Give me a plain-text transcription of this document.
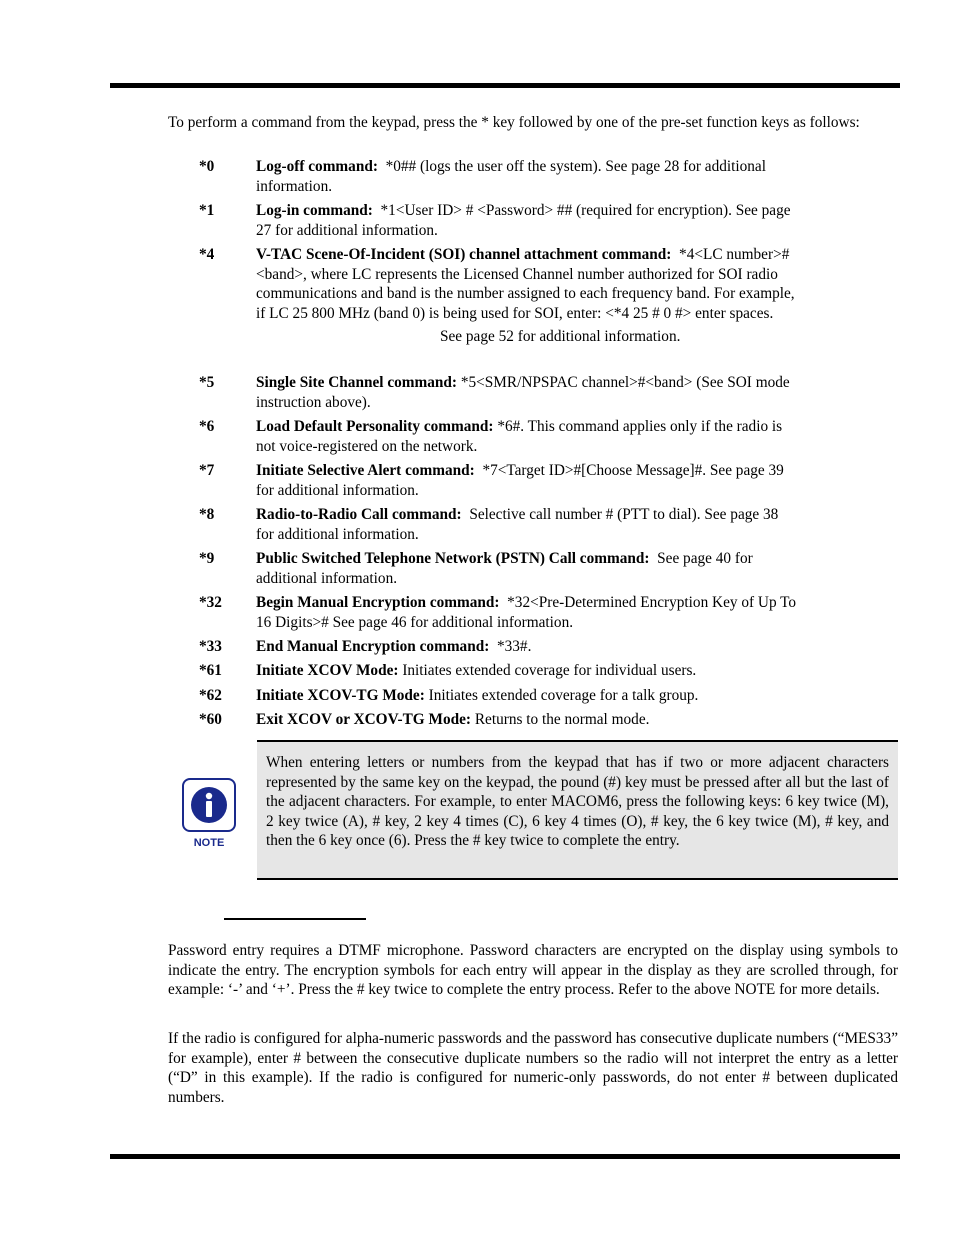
To perform a command from the keypad, press the * key followed by one of the pre-set function keys as follows:

*0	Log-off command: *0## (logs the user off the system). See page 28 for additional information.
*1	Log-in command: *1<User ID> # <Password> ## (required for encryption). See page 27 for additional information.
*4	V-TAC Scene-Of-Incident (SOI) channel attachment command: *4<LC number>#<band>, where LC represents the Licensed Channel number authorized for SOI radio communications and band is the number assigned to each frequency band. For example, if LC 25 800 MHz (band 0) is being used for SOI, enter: <*4 25 # 0 #> enter spaces.
See page 52 for additional information.
*5	Single Site Channel command: *5<SMR/NPSPAC channel>#<band> (See SOI mode instruction above).
*6	Load Default Personality command: *6#. This command applies only if the radio is not voice-registered on the network.
*7	Initiate Selective Alert command: *7<Target ID>#[Choose Message]#. See page 39 for additional information.
*8	Radio-to-Radio Call command: Selective call number # (PTT to dial). See page 38 for additional information.
*9	Public Switched Telephone Network (PSTN) Call command: See page 40 for additional information.
*32 Begin Manual Encryption command: *32<Pre-Determined Encryption Key of Up To 16 Digits># See page 46 for additional information.
*33 End Manual Encryption command: *33#.
*61 Initiate XCOV Mode: Initiates extended coverage for individual users.
*62 Initiate XCOV-TG Mode: Initiates extended coverage for a talk group.
*60 Exit XCOV or XCOV-TG Mode: Returns to the normal mode.
NOTE

When entering letters or numbers from the keypad that has if two or more adjacent characters represented by the same key on the keypad, the pound (#) key must be pressed after all but the last of the adjacent characters. For example, to enter MACOM6, press the following keys: 6 key twice (M), 2 key twice (A), # key, 2 key 4 times (C), 6 key 4 times (O), # key, the 6 key twice (M), # key, and then the 6 key once (6). Press the # key twice to complete the entry.

Password entry requires a DTMF microphone. Password characters are encrypted on the display using symbols to indicate the entry. The encryption symbols for each entry will appear in the display as they are scrolled through, for example: ‘-’ and ‘+’. Press the # key twice to complete the entry process. Refer to the above NOTE for more details.

If the radio is configured for alpha-numeric passwords and the password has consecutive duplicate numbers (“MES33” for example), enter # between the consecutive duplicate numbers so the radio will not interpret the entry as a letter (“D” in this example). If the radio is configured for numeric-only passwords, do not enter # between duplicated numbers.
